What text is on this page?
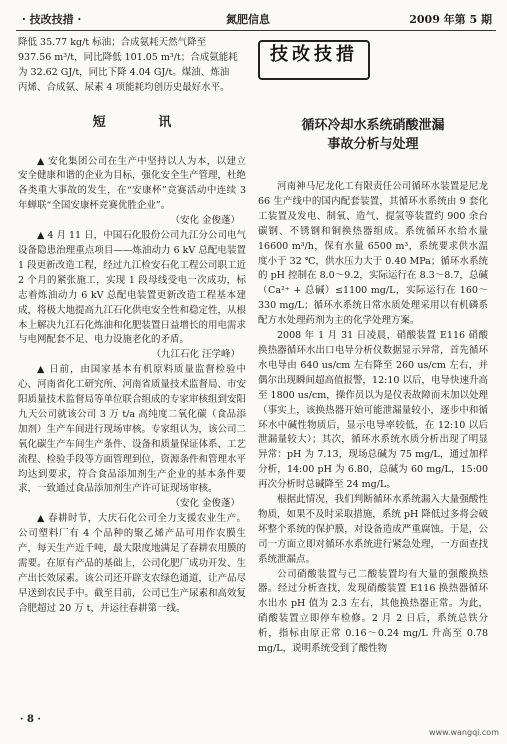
· 技改技措 ·	氮肥信息	2009 年第 5 期

降低 35.77 kg/t 标油；合成氨耗天然气降至

937.56 m³/t，同比降低 101.05 m³/t；合成氨能耗

为 32.62 GJ/t，同比下降 4.04 GJ/t。煤油、炼油

丙烯、合成氨、尿素 4 项能耗均创历史最好水平。

短 讯

▲ 安化集团公司在生产中坚持以人为本，以建立安全健康和谐的企业为目标，强化安全生产管理，杜绝各类重大事故的发生，在“安康杯”竞赛活动中连续 3 年蝉联“全国安康杯竞赛优胜企业”。

（安化 金俊蓬）

▲ 4 月 11 日，中国石化股份公司九江分公司电气设备隐患治理重点项目——炼油动力 6 kV 总配电装置 1 段更新改造工程，经过九江检安石化工程公司职工近 2 个月的紧张施工，实现 1 段母线受电一次成功，标志着炼油动力 6 kV 总配电装置更新改造工程基本建成，将极大地提高九江石化供电安全性和稳定性，从根本上解决九江石化炼油和化肥装置日益增长的用电需求与电网配套不足、电力设施老化的矛盾。

（九江石化 汪学峰）

▲ 日前，由国家基本有机原料质量监督检验中心、河南省化工研究所、河南省质量技术监督局、市安阳质量技术监督局等单位联合组成的专家审核组到安阳九天公司就该公司 3 万 t/a 高纯度二氧化碳（食品添加剂）生产车间进行现场审核。专家组认为，该公司二氧化碳生产车间生产条件、设备和质量保证体系、工艺流程、检验手段等方面管理到位，资源条件和管理水平均达到要求，符合食品添加剂生产企业的基本条件要求，一致通过食品添加剂生产许可证现场审核。

（安化 金俊蓬）

▲ 春耕时节，大庆石化公司全力支援农业生产。公司塑料厂有 4 个品种的聚乙烯产品可用作农膜生产，每天生产近千吨，最大限度地满足了春耕农用膜的需要。在原有产品的基础上，公司化肥厂成功开发、生产出长效尿素。该公司还开辟支农绿色通道，让产品尽早送到农民手中。截至目前，公司已生产尿素和高效复合肥超过 20 万 t，并运往春耕第一线。

技改技措
循环冷却水系统硝酸泄漏
事故分析与处理

河南神马尼龙化工有限责任公司循环水装置是尼龙 66 生产线中的国内配套装置，其循环水系统由 9 套化工装置及发电、制氧、造气、提氢等装置约 900 余台碳钢、不锈钢和铜换热器组成。系统循环水给水量 16600 m³/h，保有水量 6500 m³，系统要求供水温度小于 32 ℃，供水压力大于 0.40 MPa；循环水系统的 pH 控制在 8.0～9.2，实际运行在 8.3～8.7，总碱（Ca²⁺ + 总碱）≤1100 mg/L，实际运行在 160～330 mg/L；循环水系统日常水质处理采用以有机磷系配方水处理药剂为主的化学处理方案。

2008 年 1 月 31 日凌晨，硝酸装置 E116 硝酸换热器循环水出口电导分析仪数据显示异常，首先循环水电导由 640 us/cm 左右降至 260 us/cm 左右，并偶尔出现瞬间超高值报警，12:10 以后，电导快速升高至 1800 us/cm，操作员以为是仪表故障而未加以处理（事实上，该换热器开始可能泄漏量较小，逐步中和循环水中碱性物质后，显示电导率较低，在 12:10 以后泄漏量较大）；其次，循环水系统水质分析出现了明显异常：pH 为 7.13，现场总碱为 75 mg/L，通过加样分析，14:00 pH 为 6.80，总碱为 60 mg/L，15:00 再次分析时总碱降至 24 mg/L。

根据此情况，我们判断循环水系统漏入大量强酸性物质，如果不及时采取措施，系统 pH 降低过多将会破坏整个系统的保护膜，对设备造成严重腐蚀。于是，公司一方面立即对循环水系统进行紧急处理，一方面查找系统泄漏点。

公司硝酸装置与己二酸装置均有大量的强酸换热器。经过分析查找，发现硝酸装置 E116 换热器循环水出水 pH 值为 2.3 左右，其他换热器正常。为此，硝酸装置立即停车检修。2 月 2 日后，系统总铁分析，指标由原正常 0.16～0.24 mg/L 升高至 0.78 mg/L，说明系统受到了酸性物

· 8 ·
www.wangqi.com
